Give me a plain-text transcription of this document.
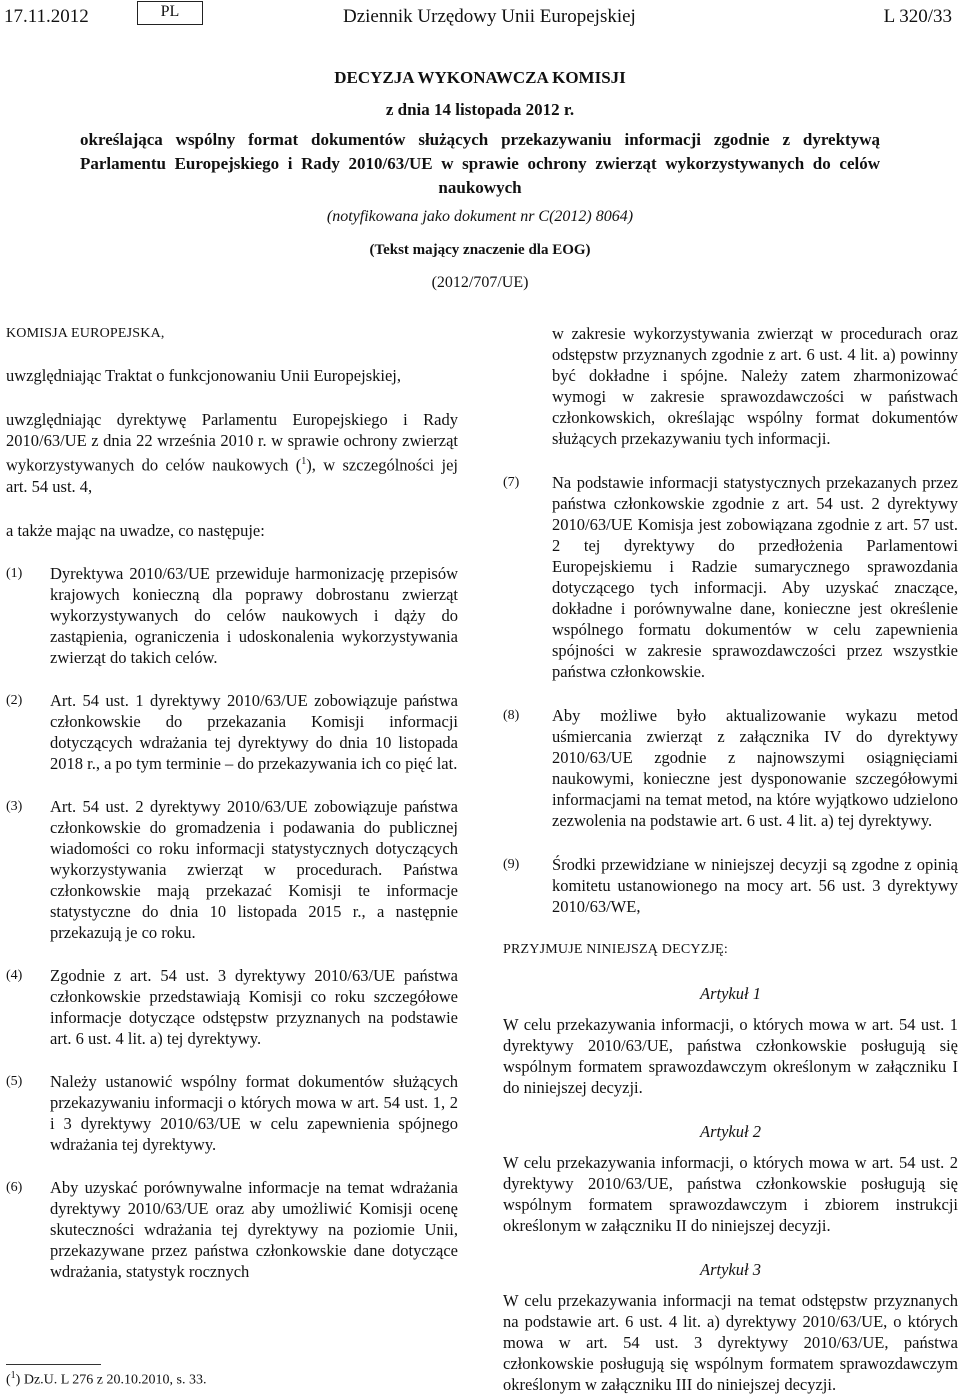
17.11.2012	PL	Dziennik Urzędowy Unii Europejskiej	L 320/33
DECYZJA WYKONAWCZA KOMISJI
z dnia 14 listopada 2012 r.
określająca wspólny format dokumentów służących przekazywaniu informacji zgodnie z dyrektywą Parlamentu Europejskiego i Rady 2010/63/UE w sprawie ochrony zwierząt wykorzystywanych do celów naukowych
(notyfikowana jako dokument nr C(2012) 8064)
(Tekst mający znaczenie dla EOG)
(2012/707/UE)

KOMISJA EUROPEJSKA,

uwzględniając Traktat o funkcjonowaniu Unii Europejskiej,

uwzględniając dyrektywę Parlamentu Europejskiego i Rady 2010/63/UE z dnia 22 września 2010 r. w sprawie ochrony zwierząt wykorzystywanych do celów naukowych ($^1$), w szczególności jej art. 54 ust. 4,

a także mając na uwadze, co następuje:

(1) Dyrektywa 2010/63/UE przewiduje harmonizację przepisów krajowych konieczną dla poprawy dobrostanu zwierząt wykorzystywanych do celów naukowych i dąży do zastąpienia, ograniczenia i udoskonalenia wykorzystywania zwierząt do takich celów.
(2) Art. 54 ust. 1 dyrektywy 2010/63/UE zobowiązuje państwa członkowskie do przekazania Komisji informacji dotyczących wdrażania tej dyrektywy do dnia 10 listopada 2018 r., a po tym terminie – do przekazywania ich co pięć lat.
(3) Art. 54 ust. 2 dyrektywy 2010/63/UE zobowiązuje państwa członkowskie do gromadzenia i podawania do publicznej wiadomości co roku informacji statystycznych dotyczących wykorzystywania zwierząt w procedurach. Państwa członkowskie mają przekazać Komisji te informacje statystyczne do dnia 10 listopada 2015 r., a następnie przekazują je co roku.
(4) Zgodnie z art. 54 ust. 3 dyrektywy 2010/63/UE państwa członkowskie przedstawiają Komisji co roku szczegółowe informacje dotyczące odstępstw przyznanych na podstawie art. 6 ust. 4 lit. a) tej dyrektywy.
(5) Należy ustanowić wspólny format dokumentów służących przekazywaniu informacji o których mowa w art. 54 ust. 1, 2 i 3 dyrektywy 2010/63/UE w celu zapewnienia spójnego wdrażania tej dyrektywy.
(6) Aby uzyskać porównywalne informacje na temat wdrażania dyrektywy 2010/63/UE oraz aby umożliwić Komisji ocenę skuteczności wdrażania tej dyrektywy na poziomie Unii, przekazywane przez państwa członkowskie dane dotyczące wdrażania, statystyk rocznych
w zakresie wykorzystywania zwierząt w procedurach oraz odstępstw przyznanych zgodnie z art. 6 ust. 4 lit. a) powinny być dokładne i spójne. Należy zatem zharmonizować wymogi w zakresie sprawozdawczości w państwach członkowskich, określając wspólny format dokumentów służących przekazywaniu tych informacji.
(7) Na podstawie informacji statystycznych przekazanych przez państwa członkowskie zgodnie z art. 54 ust. 2 dyrektywy 2010/63/UE Komisja jest zobowiązana zgodnie z art. 57 ust. 2 tej dyrektywy do przedłożenia Parlamentowi Europejskiemu i Radzie sumarycznego sprawozdania dotyczącego tych informacji. Aby uzyskać znaczące, dokładne i porównywalne dane, konieczne jest określenie wspólnego formatu dokumentów w celu zapewnienia spójności w zakresie sprawozdawczości przez wszystkie państwa członkowskie.
(8) Aby możliwe było aktualizowanie wykazu metod uśmiercania zwierząt z załącznika IV do dyrektywy 2010/63/UE zgodnie z najnowszymi osiągnięciami naukowymi, konieczne jest dysponowanie szczegółowymi informacjami na temat metod, na które wyjątkowo udzielono zezwolenia na podstawie art. 6 ust. 4 lit. a) tej dyrektywy.
(9) Środki przewidziane w niniejszej decyzji są zgodne z opinią komitetu ustanowionego na mocy art. 56 ust. 3 dyrektywy 2010/63/WE,

PRZYJMUJE NINIEJSZĄ DECYZJĘ:

Artykuł 1

W celu przekazywania informacji, o których mowa w art. 54 ust. 1 dyrektywy 2010/63/UE, państwa członkowskie posługują się wspólnym formatem sprawozdawczym określonym w załączniku I do niniejszej decyzji.

Artykuł 2

W celu przekazywania informacji, o których mowa w art. 54 ust. 2 dyrektywy 2010/63/UE, państwa członkowskie posługują się wspólnym formatem sprawozdawczym i zbiorem instrukcji określonym w załączniku II do niniejszej decyzji.

Artykuł 3

W celu przekazywania informacji na temat odstępstw przyznanych na podstawie art. 6 ust. 4 lit. a) dyrektywy 2010/63/UE, o których mowa w art. 54 ust. 3 dyrektywy 2010/63/UE, państwa członkowskie posługują się wspólnym formatem sprawozdawczym określonym w załączniku III do niniejszej decyzji.

($^1$) Dz.U. L 276 z 20.10.2010, s. 33.
